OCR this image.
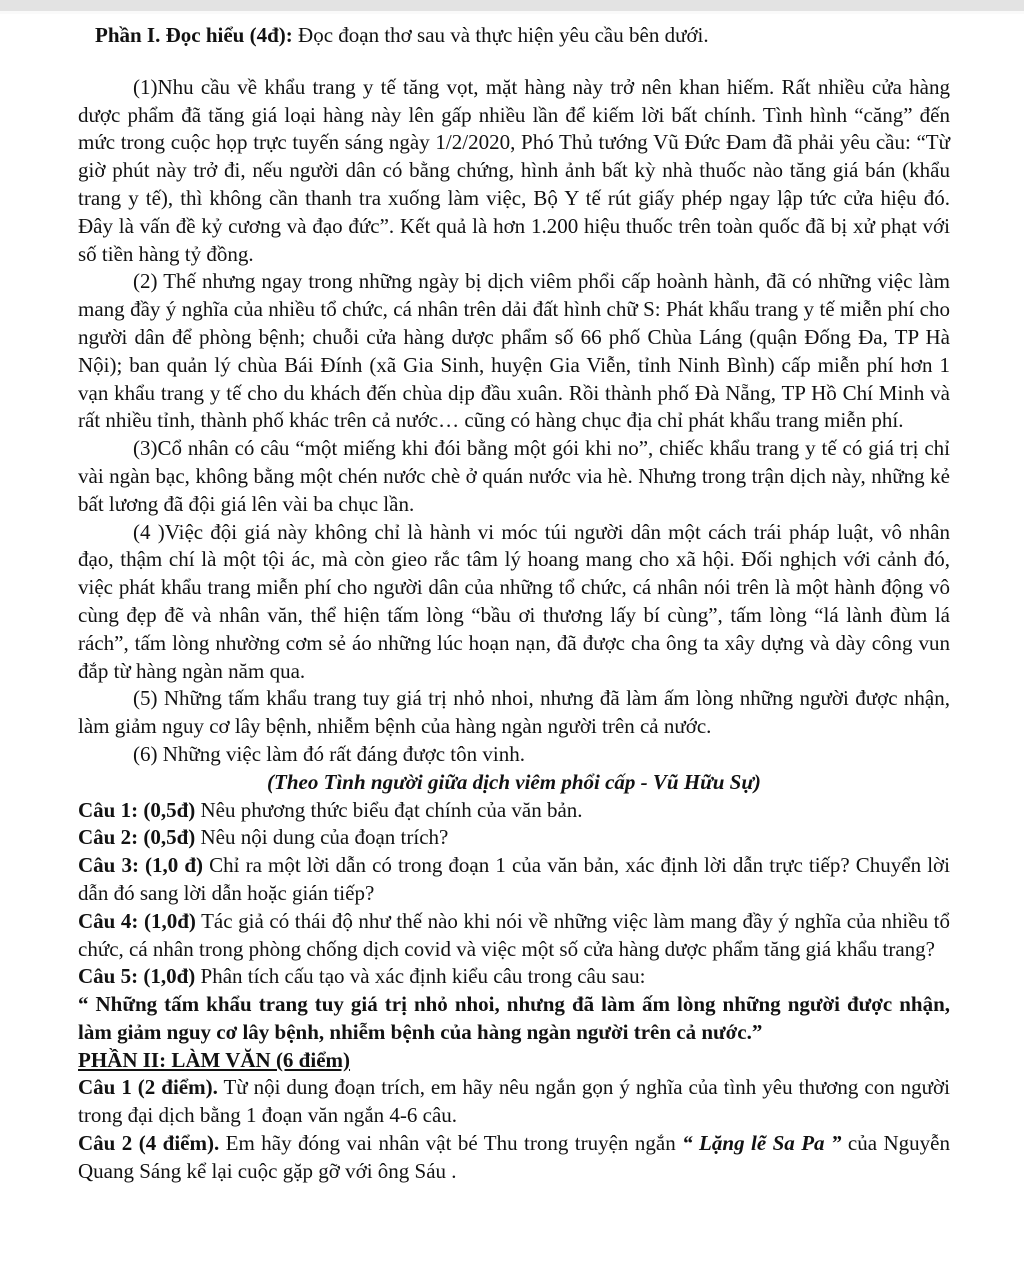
Phần I. Đọc hiểu (4đ): Đọc đoạn thơ sau và thực hiện yêu cầu bên dưới.

(1)Nhu cầu về khẩu trang y tế tăng vọt, mặt hàng này trở nên khan hiếm. Rất nhiều cửa hàng dược phẩm đã tăng giá loại hàng này lên gấp nhiều lần để kiếm lời bất chính. Tình hình “căng” đến mức trong cuộc họp trực tuyến sáng ngày 1/2/2020, Phó Thủ tướng Vũ Đức Đam đã phải yêu cầu: “Từ giờ phút này trở đi, nếu người dân có bằng chứng, hình ảnh bất kỳ nhà thuốc nào tăng giá bán (khẩu trang y tế), thì không cần thanh tra xuống làm việc, Bộ Y tế rút giấy phép ngay lập tức cửa hiệu đó. Đây là vấn đề kỷ cương và đạo đức”. Kết quả là hơn 1.200 hiệu thuốc trên toàn quốc đã bị xử phạt với số tiền hàng tỷ đồng.

(2) Thế nhưng ngay trong những ngày bị dịch viêm phổi cấp hoành hành, đã có những việc làm mang đầy ý nghĩa của nhiều tổ chức, cá nhân trên dải đất hình chữ S: Phát khẩu trang y tế miễn phí cho người dân để phòng bệnh; chuỗi cửa hàng dược phẩm số 66 phố Chùa Láng (quận Đống Đa, TP Hà Nội); ban quản lý chùa Bái Đính (xã Gia Sinh, huyện Gia Viễn, tỉnh Ninh Bình) cấp miễn phí hơn 1 vạn khẩu trang y tế cho du khách đến chùa dịp đầu xuân. Rồi thành phố Đà Nẵng, TP Hồ Chí Minh và rất nhiều tỉnh, thành phố khác trên cả nước… cũng có hàng chục địa chỉ phát khẩu trang miễn phí.

(3)Cổ nhân có câu “một miếng khi đói bằng một gói khi no”, chiếc khẩu trang y tế có giá trị chỉ vài ngàn bạc, không bằng một chén nước chè ở quán nước via hè. Nhưng trong trận dịch này, những kẻ bất lương đã đội giá lên vài ba chục lần.

(4 )Việc đội giá này không chỉ là hành vi móc túi người dân một cách trái pháp luật, vô nhân đạo, thậm chí là một tội ác, mà còn gieo rắc tâm lý hoang mang cho xã hội. Đối nghịch với cảnh đó, việc phát khẩu trang miễn phí cho người dân của những tổ chức, cá nhân nói trên là một hành động vô cùng đẹp đẽ và nhân văn, thể hiện tấm lòng “bầu ơi thương lấy bí cùng”, tấm lòng “lá lành đùm lá rách”, tấm lòng nhường cơm sẻ áo những lúc hoạn nạn, đã được cha ông ta xây dựng và dày công vun đắp từ hàng ngàn năm qua.

(5) Những tấm khẩu trang tuy giá trị nhỏ nhoi, nhưng đã làm ấm lòng những người được nhận, làm giảm nguy cơ lây bệnh, nhiễm bệnh của hàng ngàn người trên cả nước.

(6) Những việc làm đó rất đáng được tôn vinh.

(Theo Tình người giữa dịch viêm phổi cấp - Vũ Hữu Sự)

Câu 1: (0,5đ) Nêu phương thức biểu đạt chính của văn bản.

Câu 2: (0,5đ) Nêu nội dung của đoạn trích?

Câu 3: (1,0 đ) Chỉ ra một lời dẫn có trong đoạn 1 của văn bản, xác định lời dẫn trực tiếp? Chuyển lời dẫn đó sang lời dẫn hoặc gián tiếp?

Câu 4: (1,0đ) Tác giả có thái độ như thế nào khi nói về những việc làm mang đầy ý nghĩa của nhiều tổ chức, cá nhân trong phòng chống dịch covid và việc một số cửa hàng dược phẩm tăng giá khẩu trang?

Câu 5: (1,0đ) Phân tích cấu tạo và xác định kiểu câu trong câu sau:

“ Những tấm khẩu trang tuy giá trị nhỏ nhoi, nhưng đã làm ấm lòng những người được nhận, làm giảm nguy cơ lây bệnh, nhiễm bệnh của hàng ngàn người trên cả nước.”

PHẦN II: LÀM VĂN (6 điểm)

Câu 1 (2 điểm). Từ nội dung đoạn trích, em hãy nêu ngắn gọn ý nghĩa của tình yêu thương con người trong đại dịch bằng 1 đoạn văn ngắn 4-6 câu.

Câu 2 (4 điểm). Em hãy đóng vai nhân vật bé Thu trong truyện ngắn “ Lặng lẽ Sa Pa ” của Nguyễn Quang Sáng kể lại cuộc gặp gỡ với ông Sáu .
